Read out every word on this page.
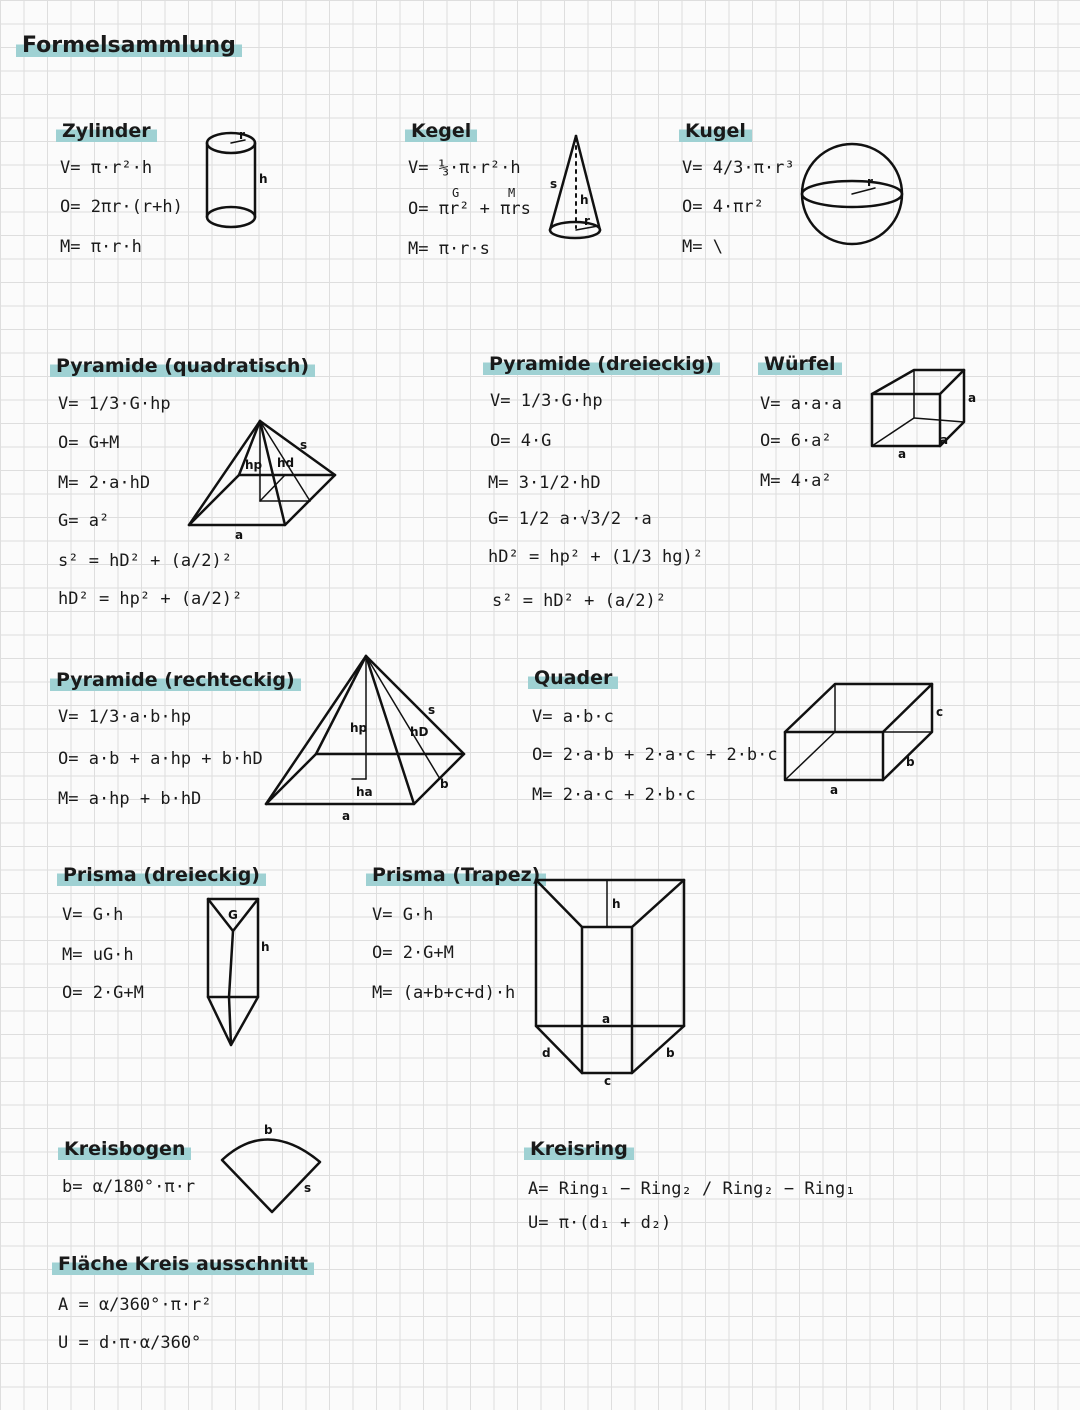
Formelsammlung
Zylinder
V= π·r²·h
O= 2πr·(r+h)
M= π·r·h
r
h
Kegel
V= ⅓·π·r²·h
G	M
O= πr² + πrs
M= π·r·s
s
h
r
Kugel
V= 4/3·π·r³
O= 4·πr²
M= \
r
Pyramide (quadratisch)
V= 1/3·G·hp
O= G+M
M= 2·a·hD
G= a²
s² = hD² + (a/2)²
hD² = hp² + (a/2)²
s
hd
hp
a
Pyramide (dreieckig)
V= 1/3·G·hp
O= 4·G
M= 3·1/2·hD
G= 1/2 a·√3/2 ·a
hD² = hp² + (1/3 hg)²
s² = hD² + (a/2)²
Würfel
V= a·a·a
O= 6·a²
M= 4·a²
a
a
a
Pyramide (rechteckig)
V= 1/3·a·b·hp
O= a·b + a·hp + b·hD
M= a·hp + b·hD
s
hD
hp
ha
a
b
Quader
V= a·b·c
O= 2·a·b + 2·a·c + 2·b·c
M= 2·a·c + 2·b·c
c
b
a
Prisma (dreieckig)
V= G·h
M= uG·h
O= 2·G+M
G
h
Prisma (Trapez)
V= G·h
O= 2·G+M
M= (a+b+c+d)·h
h
a
d	b
c
Kreisbogen
b= α/180°·π·r
b
s
Kreisring
A= Ring₁ − Ring₂ / Ring₂ − Ring₁
U= π·(d₁ + d₂)
Fläche Kreis ausschnitt
A = α/360°·π·r²
U = d·π·α/360°
